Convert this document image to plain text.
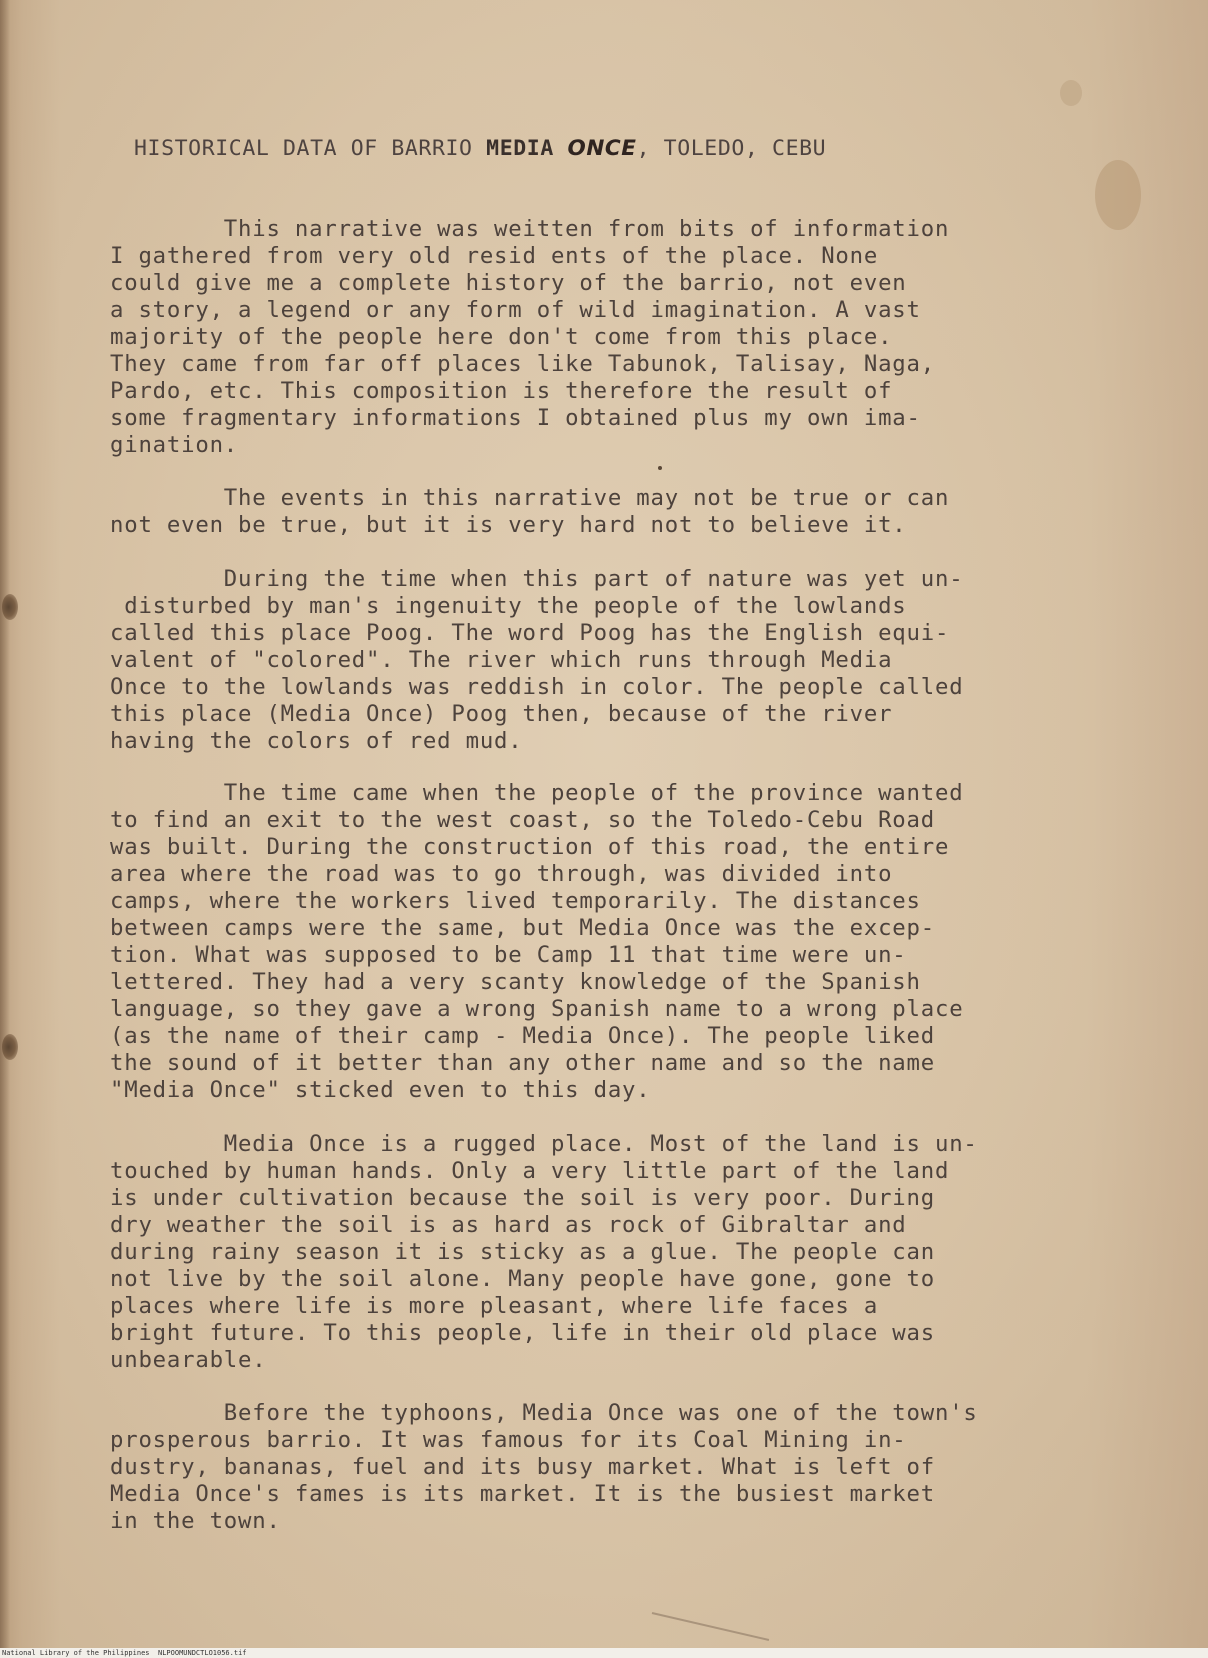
HISTORICAL DATA OF BARRIO MEDIA ONCE, TOLEDO, CEBU

This narrative was weitten from bits of information
I gathered from very old resid ents of the place. None
could give me a complete history of the barrio, not even
a story, a legend or any form of wild imagination. A vast
majority of the people here don't come from this place.
They came from far off places like Tabunok, Talisay, Naga,
Pardo, etc. This composition is therefore the result of
some fragmentary informations I obtained plus my own ima-
gination.

The events in this narrative may not be true or can
not even be true, but it is very hard not to believe it.

During the time when this part of nature was yet un-
disturbed by man's ingenuity the people of the lowlands
called this place Poog. The word Poog has the English equi-
valent of "colored". The river which runs through Media
Once to the lowlands was reddish in color. The people called
this place (Media Once) Poog then, because of the river
having the colors of red mud.

The time came when the people of the province wanted
to find an exit to the west coast, so the Toledo-Cebu Road
was built. During the construction of this road, the entire
area where the road was to go through, was divided into
camps, where the workers lived temporarily. The distances
between camps were the same, but Media Once was the excep-
tion. What was supposed to be Camp 11 that time were un-
lettered. They had a very scanty knowledge of the Spanish
language, so they gave a wrong Spanish name to a wrong place
(as the name of their camp - Media Once). The people liked
the sound of it better than any other name and so the name
"Media Once" sticked even to this day.

Media Once is a rugged place. Most of the land is un-
touched by human hands. Only a very little part of the land
is under cultivation because the soil is very poor. During
dry weather the soil is as hard as rock of Gibraltar and
during rainy season it is sticky as a glue. The people can
not live by the soil alone. Many people have gone, gone to
places where life is more pleasant, where life faces a
bright future. To this people, life in their old place was
unbearable.

Before the typhoons, Media Once was one of the town's
prosperous barrio. It was famous for its Coal Mining in-
dustry, bananas, fuel and its busy market. What is left of
Media Once's fames is its market. It is the busiest market
in the town.

National Library of the Philippines NLPOOMUNDCTLO1056.tif
